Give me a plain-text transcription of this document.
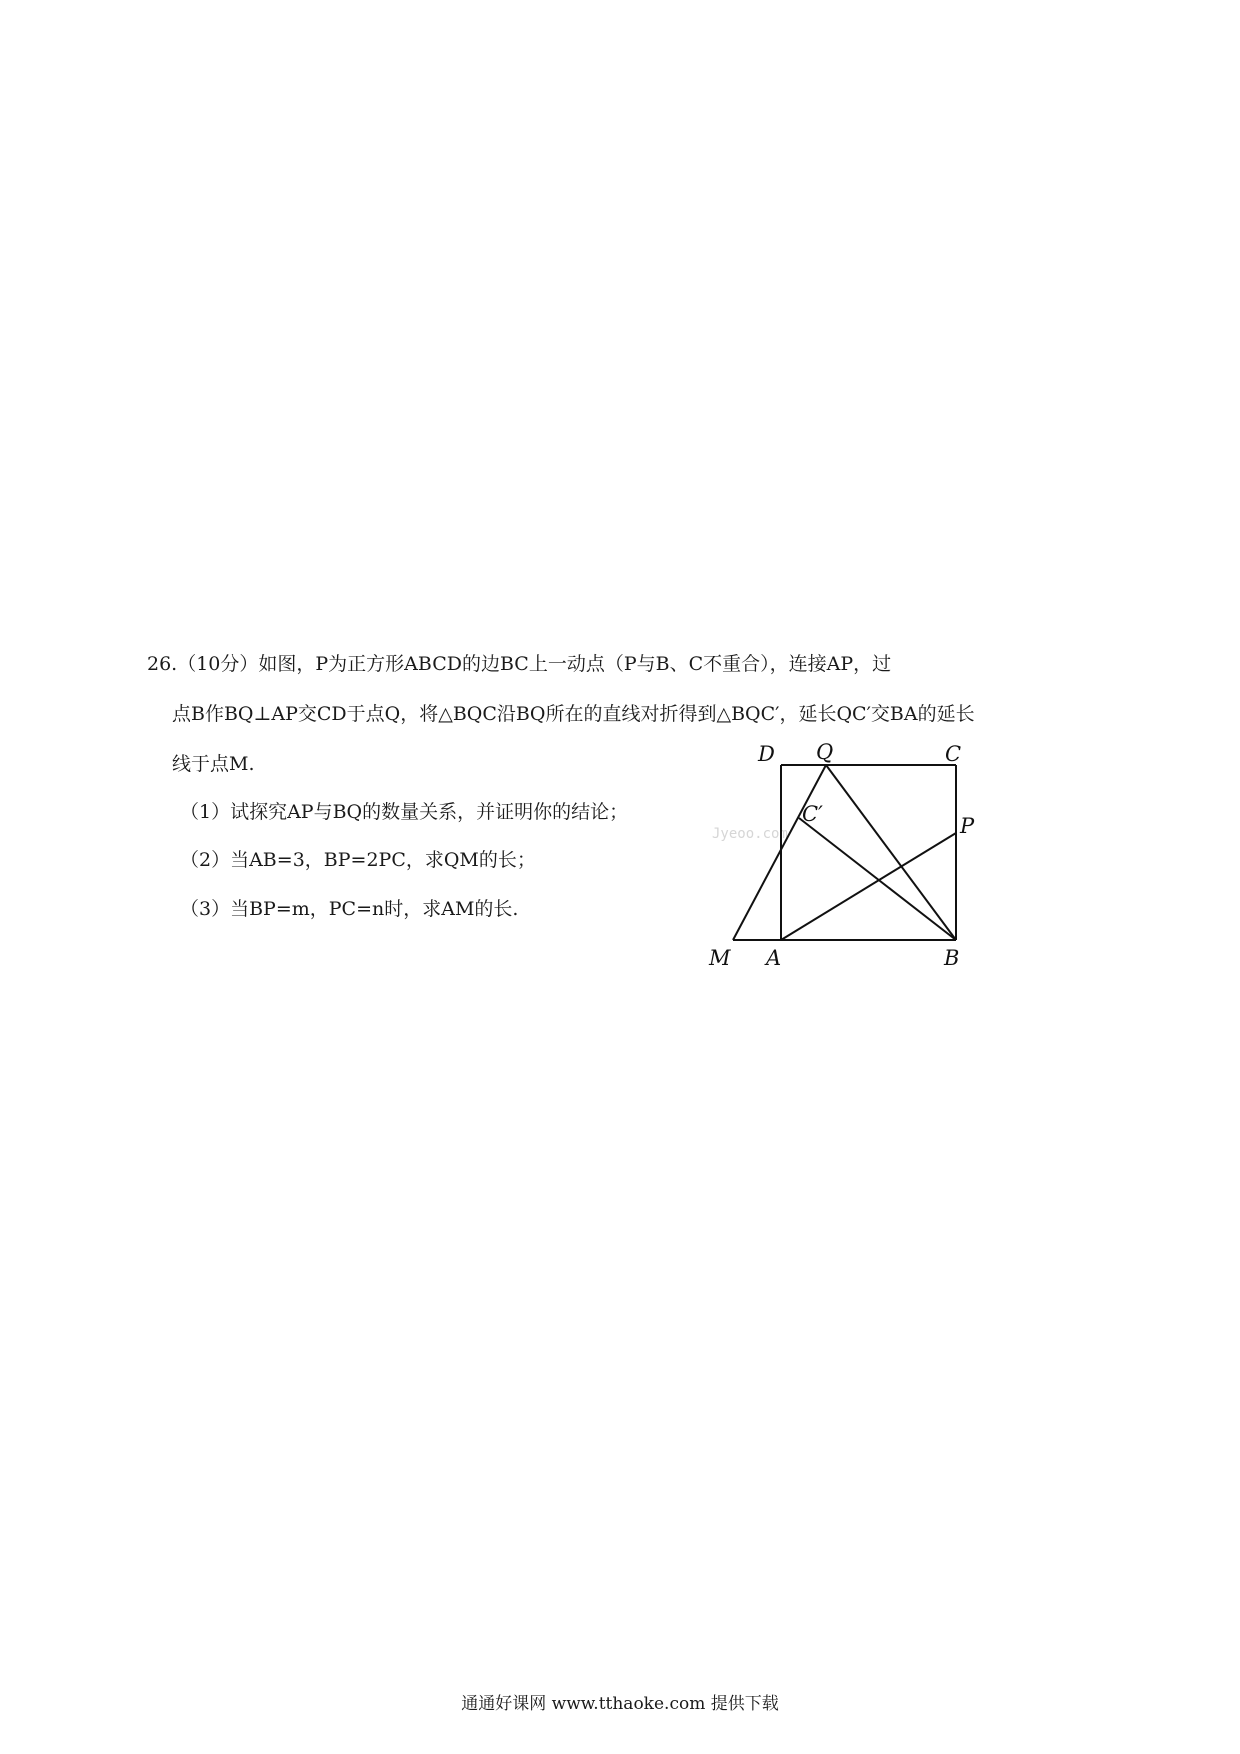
26.（10分）如图，P为正方形ABCD的边BC上一动点（P与B、C不重合），连接AP，过

点B作BQ⊥AP交CD于点Q，将△BQC沿BQ所在的直线对折得到△BQC′，延长QC′交BA的延长

线于点M.

（1）试探究AP与BQ的数量关系，并证明你的结论；

（2）当AB=3，BP=2PC，求QM的长；

（3）当BP=m，PC=n时，求AM的长.

Jyeoo.com
D Q	C
P
C′
M A	B
通通好课网 www.tthaoke.com 提供下载
